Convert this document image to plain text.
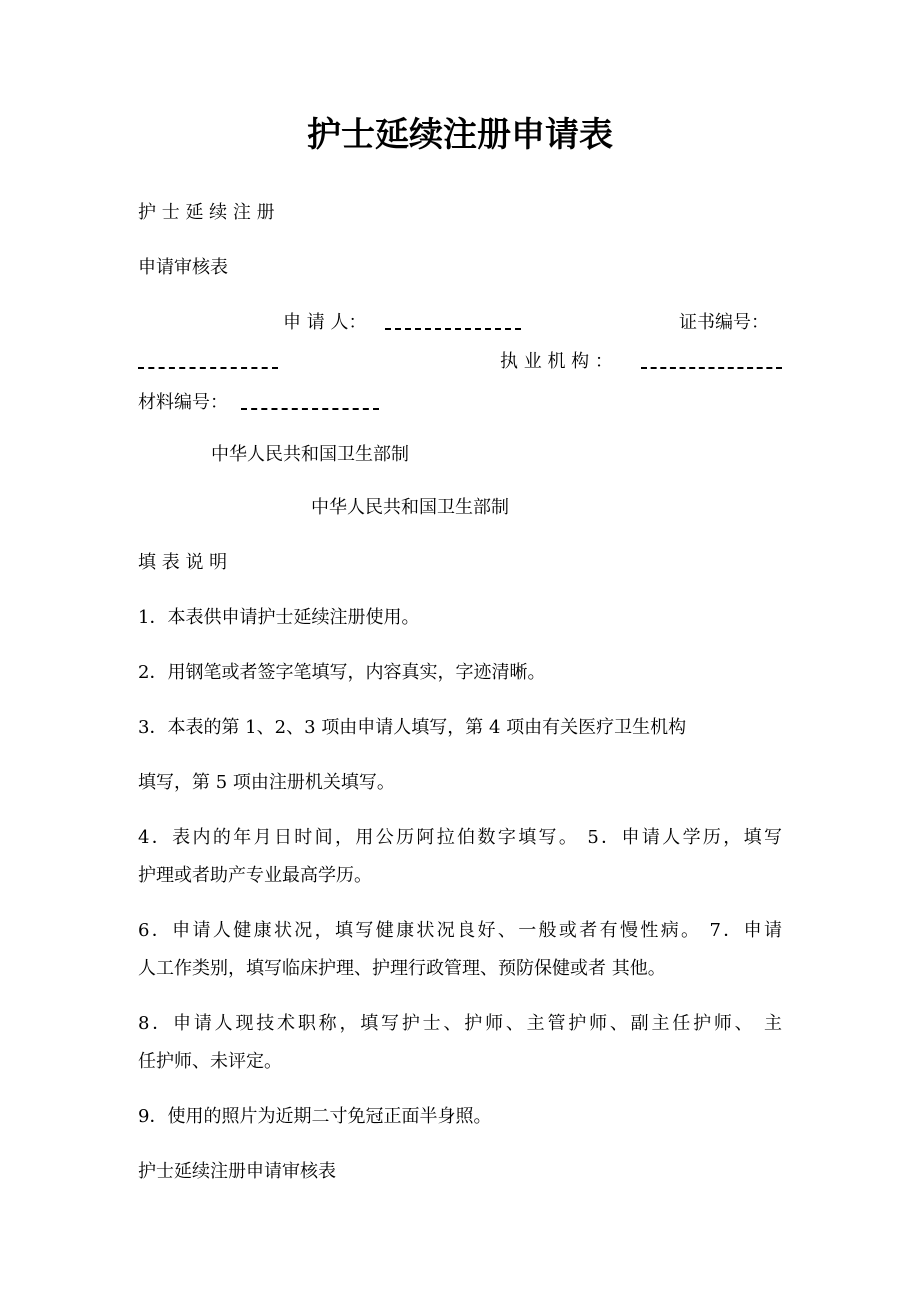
护士延续注册申请表
护 士 延 续 注 册
申请审核表
申 请 人：	证书编号：
执 业 机 构 ：
材料编号：
中华人民共和国卫生部制
中华人民共和国卫生部制
填 表 说 明
1．本表供申请护士延续注册使用。
2．用钢笔或者签字笔填写，内容真实，字迹清晰。
3．本表的第 1、2、3 项由申请人填写，第 4 项由有关医疗卫生机构
填写，第 5 项由注册机关填写。
4．表内的年月日时间，用公历阿拉伯数字填写。 5．申请人学历，填写
护理或者助产专业最高学历。
6．申请人健康状况，填写健康状况良好、一般或者有慢性病。 7．申请
人工作类别，填写临床护理、护理行政管理、预防保健或者 其他。
8．申请人现技术职称，填写护士、护师、主管护师、副主任护师、 主
任护师、未评定。
9．使用的照片为近期二寸免冠正面半身照。
护士延续注册申请审核表
